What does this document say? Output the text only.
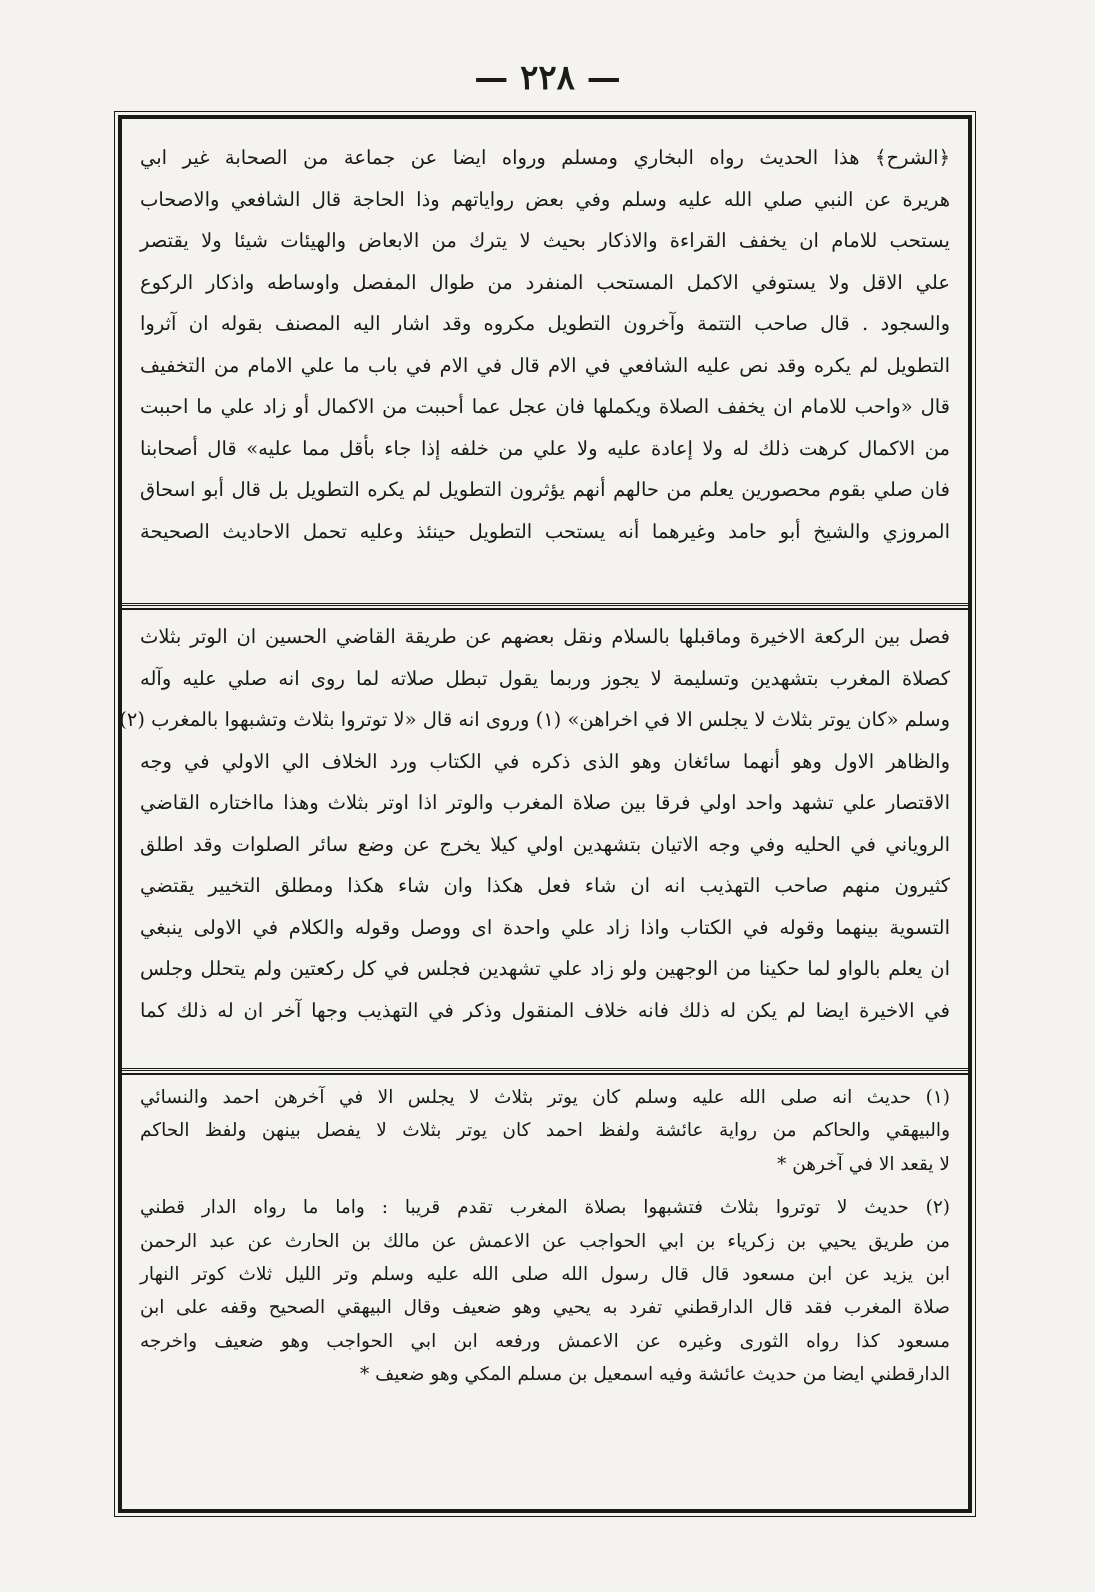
— ٢٢٨ —
﴿الشرح﴾ هذا الحديث رواه البخاري ومسلم ورواه ايضا عن جماعة من الصحابة غير ابي
هريرة عن النبي صلي الله عليه وسلم وفي بعض رواياتهم وذا الحاجة قال الشافعي والاصحاب
يستحب للامام ان يخفف القراءة والاذكار بحيث لا يترك من الابعاض والهيئات شيئا ولا يقتصر
علي الاقل ولا يستوفي الاكمل المستحب المنفرد من طوال المفصل واوساطه واذكار الركوع
والسجود . قال صاحب التتمة وآخرون التطويل مكروه وقد اشار اليه المصنف بقوله ان آثروا
التطويل لم يكره وقد نص عليه الشافعي في الام قال في الام في باب ما علي الامام من التخفيف
قال «واحب للامام ان يخفف الصلاة ويكملها فان عجل عما أحببت من الاكمال أو زاد علي ما احببت
من الاكمال كرهت ذلك له ولا إعادة عليه ولا علي من خلفه إذا جاء بأقل مما عليه» قال أصحابنا
فان صلي بقوم محصورين يعلم من حالهم أنهم يؤثرون التطويل لم يكره التطويل بل قال أبو اسحاق
المروزي والشيخ أبو حامد وغيرهما أنه يستحب التطويل حينئذ وعليه تحمل الاحاديث الصحيحة
فصل بين الركعة الاخيرة وماقبلها بالسلام ونقل بعضهم عن طريقة القاضي الحسين ان الوتر بثلاث
كصلاة المغرب بتشهدين وتسليمة لا يجوز وربما يقول تبطل صلاته لما روى انه صلي عليه وآله
وسلم «كان يوتر بثلاث لا يجلس الا في اخراهن» (١) وروى انه قال «لا توتروا بثلاث وتشبهوا بالمغرب (٢)
والظاهر الاول وهو أنهما سائغان وهو الذى ذكره في الكتاب ورد الخلاف الي الاولي في وجه
الاقتصار علي تشهد واحد اولي فرقا بين صلاة المغرب والوتر اذا اوتر بثلاث وهذا مااختاره القاضي
الروياني في الحليه وفي وجه الاتيان بتشهدين اولي كيلا يخرج عن وضع سائر الصلوات وقد اطلق
كثيرون منهم صاحب التهذيب انه ان شاء فعل هكذا وان شاء هكذا ومطلق التخيير يقتضي
التسوية بينهما وقوله في الكتاب واذا زاد علي واحدة اى ووصل وقوله والكلام في الاولى ينبغي
ان يعلم بالواو لما حكينا من الوجهين ولو زاد علي تشهدين فجلس في كل ركعتين ولم يتحلل وجلس
في الاخيرة ايضا لم يكن له ذلك فانه خلاف المنقول وذكر في التهذيب وجها آخر ان له ذلك كما
(١) حديث انه صلى الله عليه وسلم كان يوتر بثلاث لا يجلس الا في آخرهن احمد والنسائي
والبيهقي والحاكم من رواية عائشة ولفظ احمد كان يوتر بثلاث لا يفصل بينهن ولفظ الحاكم
لا يقعد الا في آخرهن *
(٢) حديث لا توتروا بثلاث فتشبهوا بصلاة المغرب تقدم قريبا : واما ما رواه الدار قطني
من طريق يحيي بن زكرياء بن ابي الحواجب عن الاعمش عن مالك بن الحارث عن عبد الرحمن
ابن يزيد عن ابن مسعود قال قال رسول الله صلى الله عليه وسلم وتر الليل ثلاث كوتر النهار
صلاة المغرب فقد قال الدارقطني تفرد به يحيي وهو ضعيف وقال البيهقي الصحيح وقفه على ابن
مسعود كذا رواه الثورى وغيره عن الاعمش ورفعه ابن ابي الحواجب وهو ضعيف واخرجه
الدارقطني ايضا من حديث عائشة وفيه اسمعيل بن مسلم المكي وهو ضعيف *
